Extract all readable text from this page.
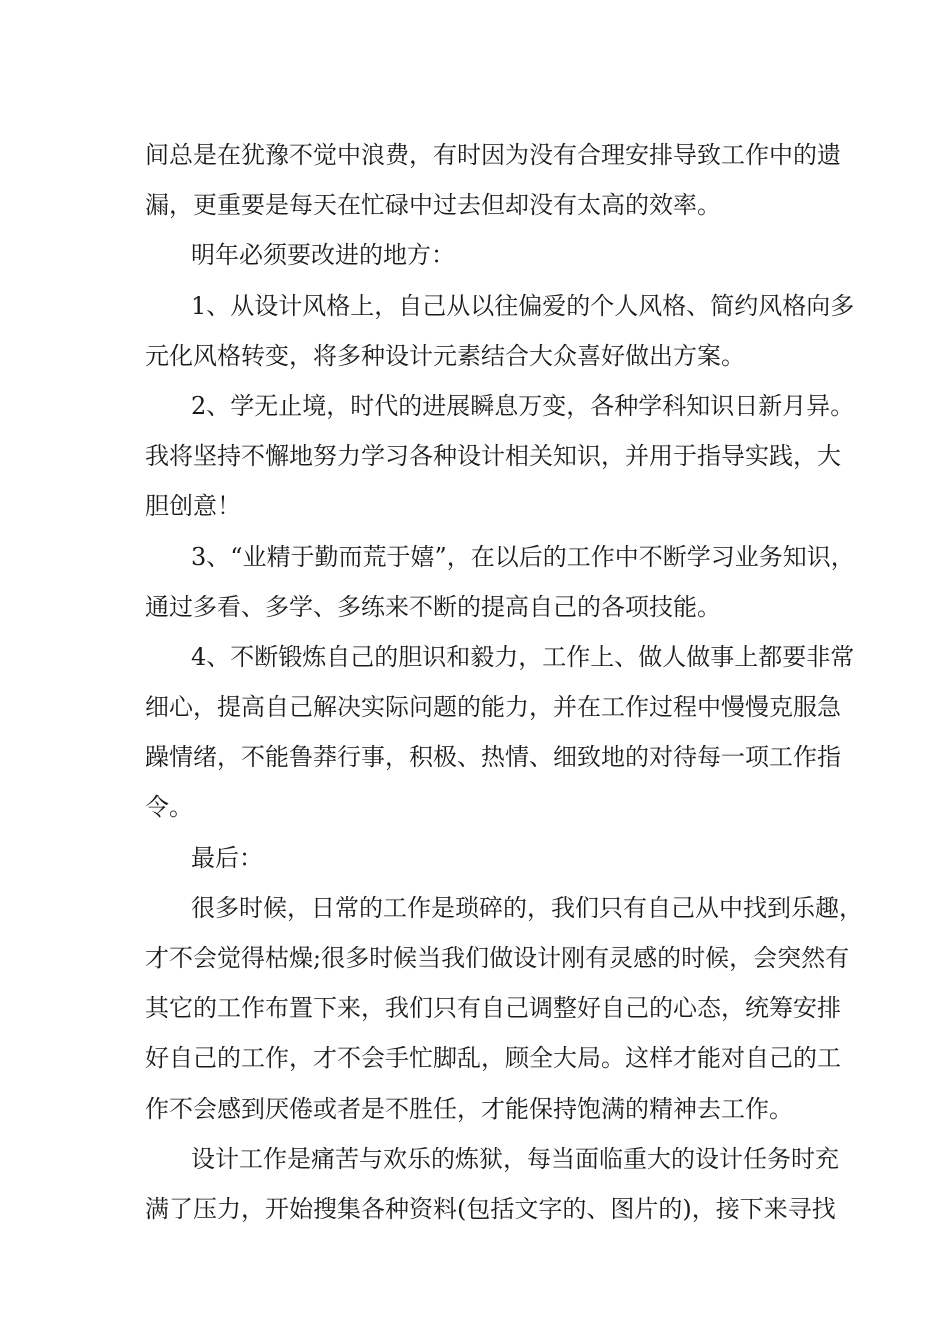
间总是在犹豫不觉中浪费，有时因为没有合理安排导致工作中的遗
漏，更重要是每天在忙碌中过去但却没有太高的效率。
明年必须要改进的地方：
1、从设计风格上，自己从以往偏爱的个人风格、简约风格向多
元化风格转变，将多种设计元素结合大众喜好做出方案。
2、学无止境，时代的进展瞬息万变，各种学科知识日新月异。
我将坚持不懈地努力学习各种设计相关知识，并用于指导实践，大
胆创意！
3、“业精于勤而荒于嬉”，在以后的工作中不断学习业务知识，
通过多看、多学、多练来不断的提高自己的各项技能。
4、不断锻炼自己的胆识和毅力，工作上、做人做事上都要非常
细心，提高自己解决实际问题的能力，并在工作过程中慢慢克服急
躁情绪，不能鲁莽行事，积极、热情、细致地的对待每一项工作指
令。
最后：
很多时候，日常的工作是琐碎的，我们只有自己从中找到乐趣，
才不会觉得枯燥;很多时候当我们做设计刚有灵感的时候，会突然有
其它的工作布置下来，我们只有自己调整好自己的心态，统筹安排
好自己的工作，才不会手忙脚乱，顾全大局。这样才能对自己的工
作不会感到厌倦或者是不胜任，才能保持饱满的精神去工作。
设计工作是痛苦与欢乐的炼狱，每当面临重大的设计任务时充
满了压力，开始搜集各种资料(包括文字的、图片的)，接下来寻找
